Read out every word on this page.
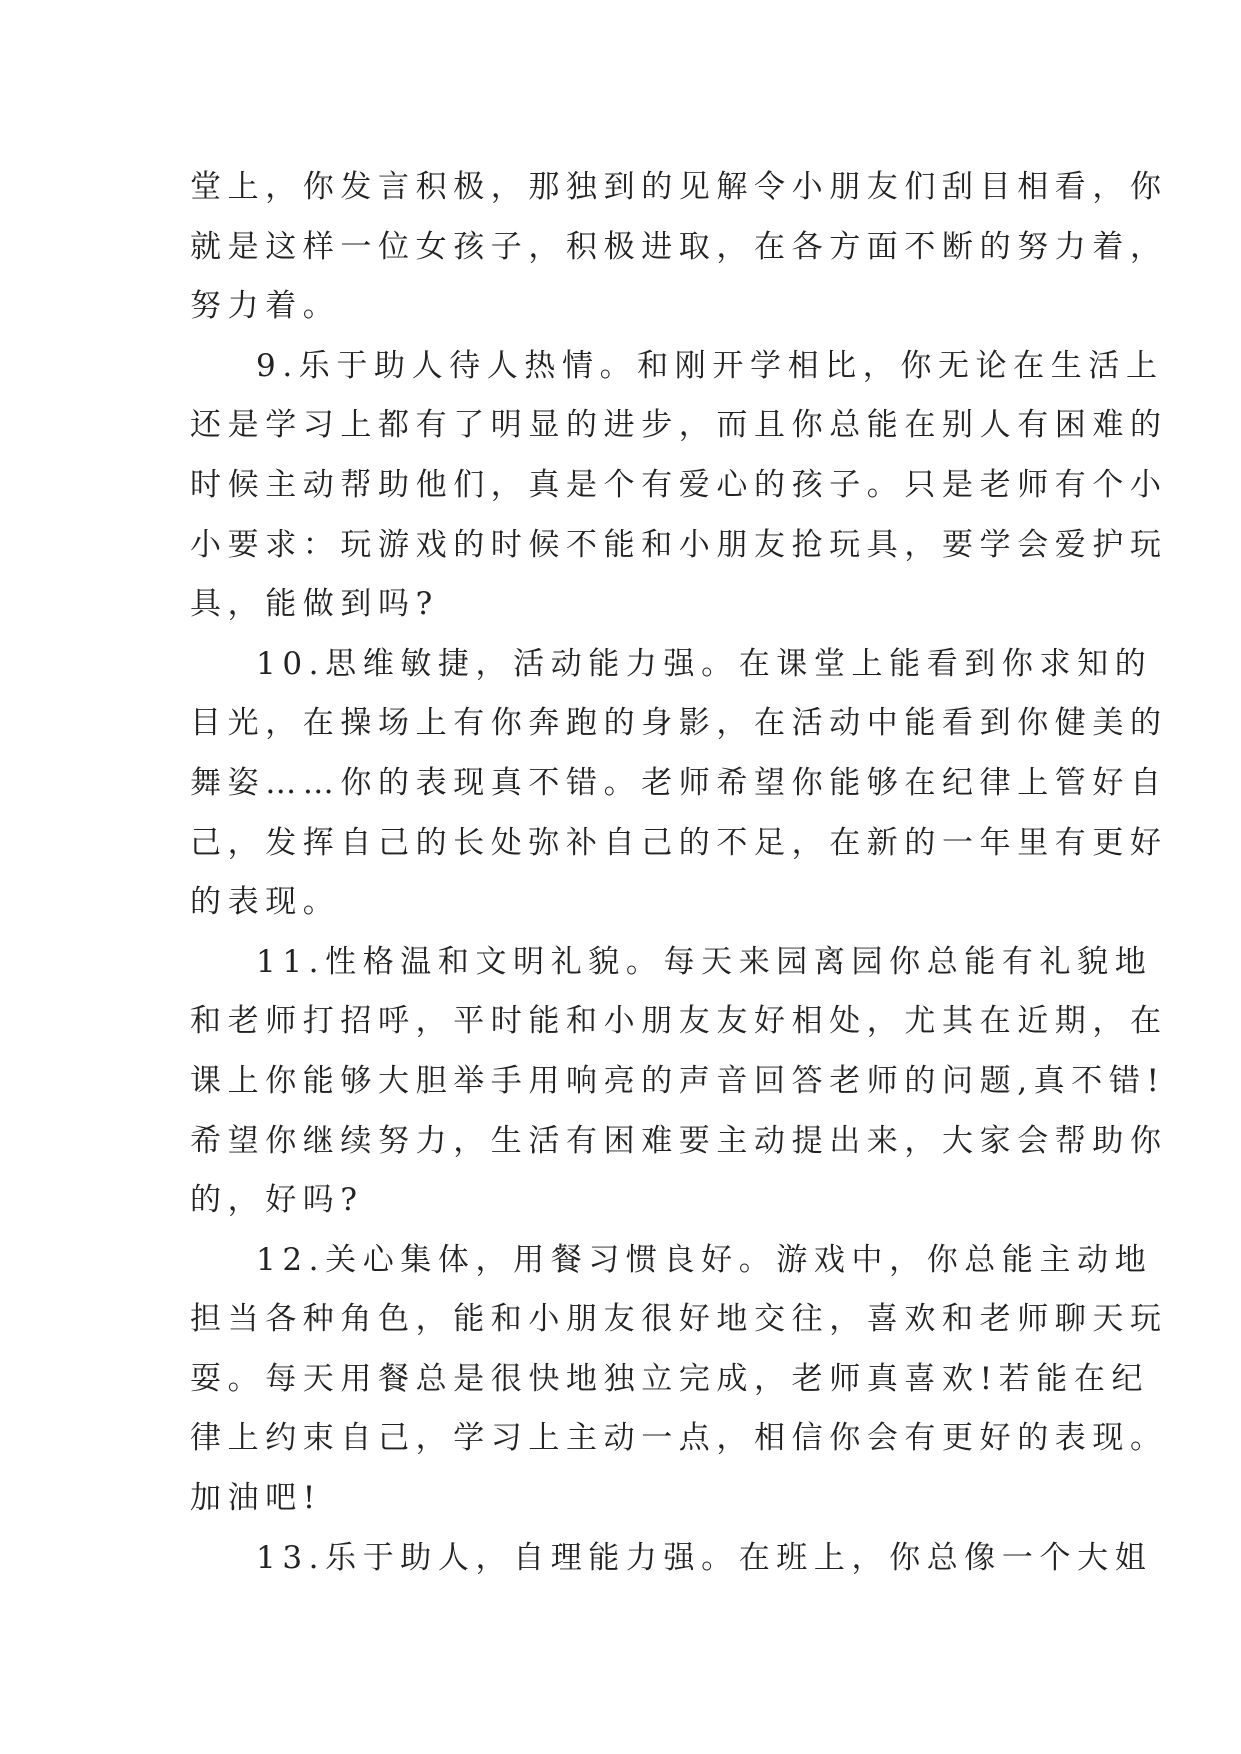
堂上，你发言积极，那独到的见解令小朋友们刮目相看，你
就是这样一位女孩子，积极进取，在各方面不断的努力着，
努力着。
9.乐于助人待人热情。和刚开学相比，你无论在生活上
还是学习上都有了明显的进步，而且你总能在别人有困难的
时候主动帮助他们，真是个有爱心的孩子。只是老师有个小
小要求：玩游戏的时候不能和小朋友抢玩具，要学会爱护玩
具，能做到吗?
10.思维敏捷，活动能力强。在课堂上能看到你求知的
目光，在操场上有你奔跑的身影，在活动中能看到你健美的
舞姿……你的表现真不错。老师希望你能够在纪律上管好自
己，发挥自己的长处弥补自己的不足，在新的一年里有更好
的表现。
11.性格温和文明礼貌。每天来园离园你总能有礼貌地
和老师打招呼，平时能和小朋友友好相处，尤其在近期，在
课上你能够大胆举手用响亮的声音回答老师的问题,真不错!
希望你继续努力，生活有困难要主动提出来，大家会帮助你
的，好吗?
12.关心集体，用餐习惯良好。游戏中，你总能主动地
担当各种角色，能和小朋友很好地交往，喜欢和老师聊天玩
耍。每天用餐总是很快地独立完成，老师真喜欢!若能在纪
律上约束自己，学习上主动一点，相信你会有更好的表现。
加油吧!
13.乐于助人，自理能力强。在班上，你总像一个大姐
